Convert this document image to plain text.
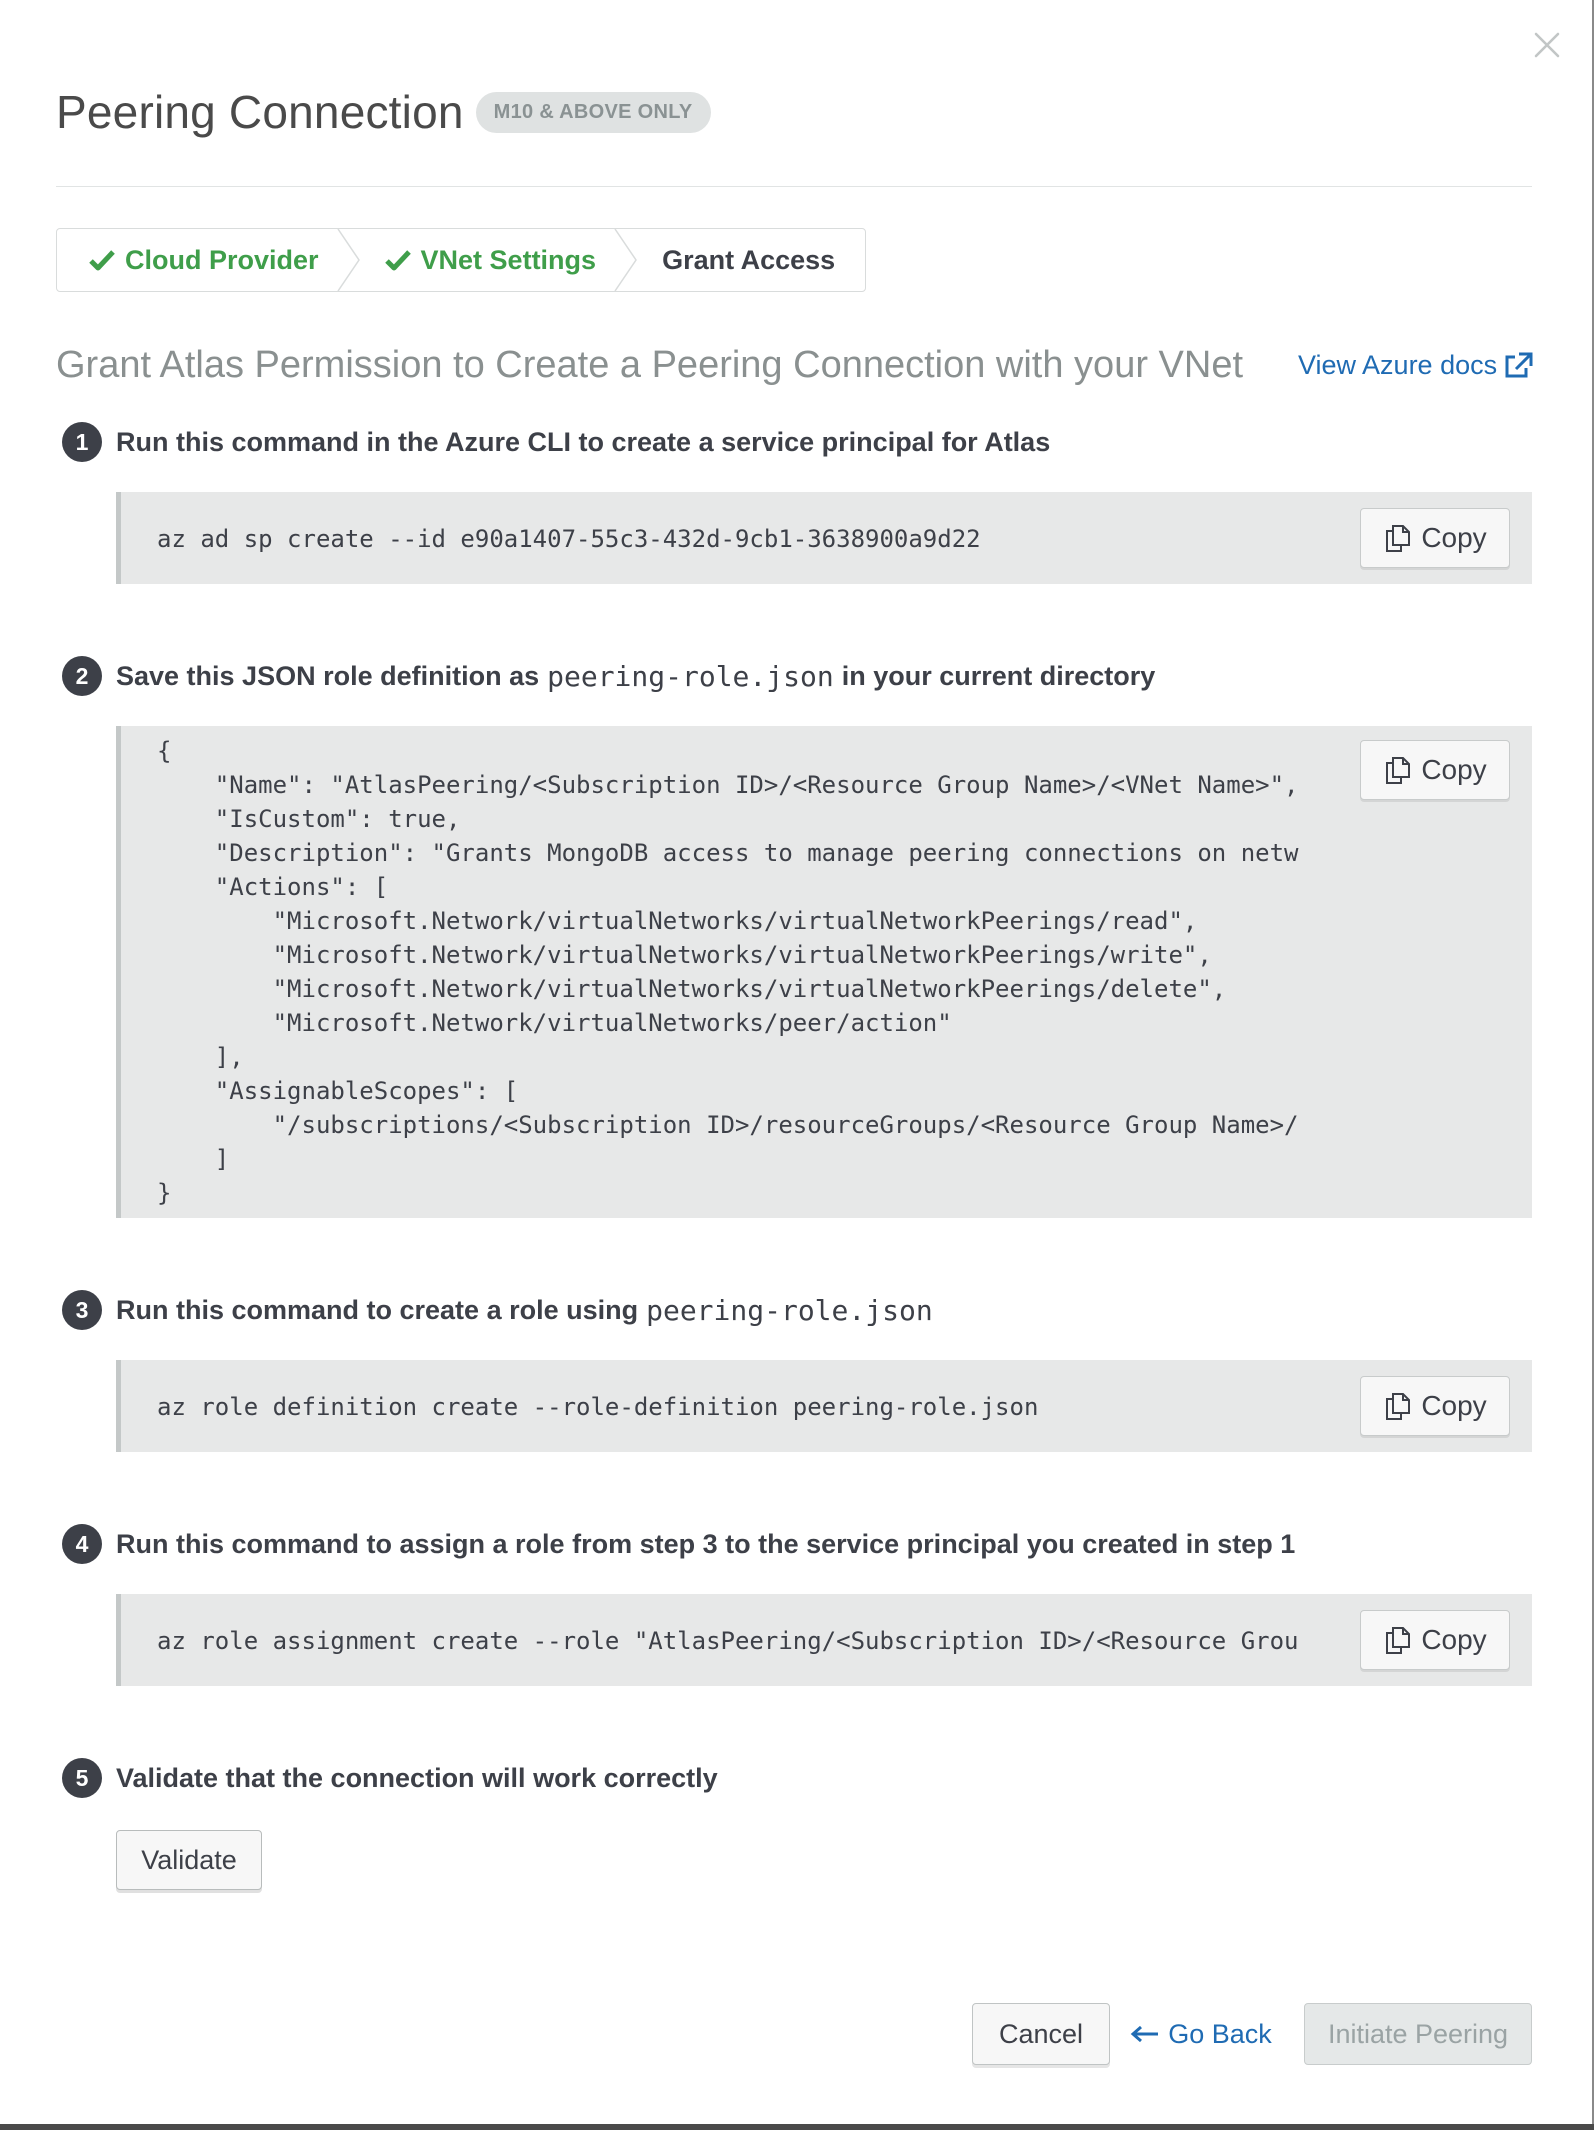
Peering Connection	M10 & ABOVE ONLY
Cloud Provider	VNet Settings Grant Access
Grant Atlas Permission to Create a Peering Connection with your VNet View Azure docs
1	Run this command in the Azure CLI to create a service principal for Atlas
az ad sp create --id e90a1407-55c3-432d-9cb1-3638900a9d22	Copy
2	Save this JSON role definition as peering-role.json in your current directory
{
"Name": "AtlasPeering/<Subscription ID>/<Resource Group Name>/<VNet Name>",
"IsCustom": true,
"Description": "Grants MongoDB access to manage peering connections on netw
"Actions": [
"Microsoft.Network/virtualNetworks/virtualNetworkPeerings/read",
"Microsoft.Network/virtualNetworks/virtualNetworkPeerings/write",
"Microsoft.Network/virtualNetworks/virtualNetworkPeerings/delete",
"Microsoft.Network/virtualNetworks/peer/action"
],
"AssignableScopes": [
"/subscriptions/<Subscription ID>/resourceGroups/<Resource Group Name>/
]
}
Copy
3	Run this command to create a role using peering-role.json
az role definition create --role-definition peering-role.json	Copy
4	Run this command to assign a role from step 3 to the service principal you created in step 1
az role assignment create --role "AtlasPeering/<Subscription ID>/<Resource Grou	Copy
5	Validate that the connection will work correctly
Validate
Cancel	Go Back	Initiate Peering
